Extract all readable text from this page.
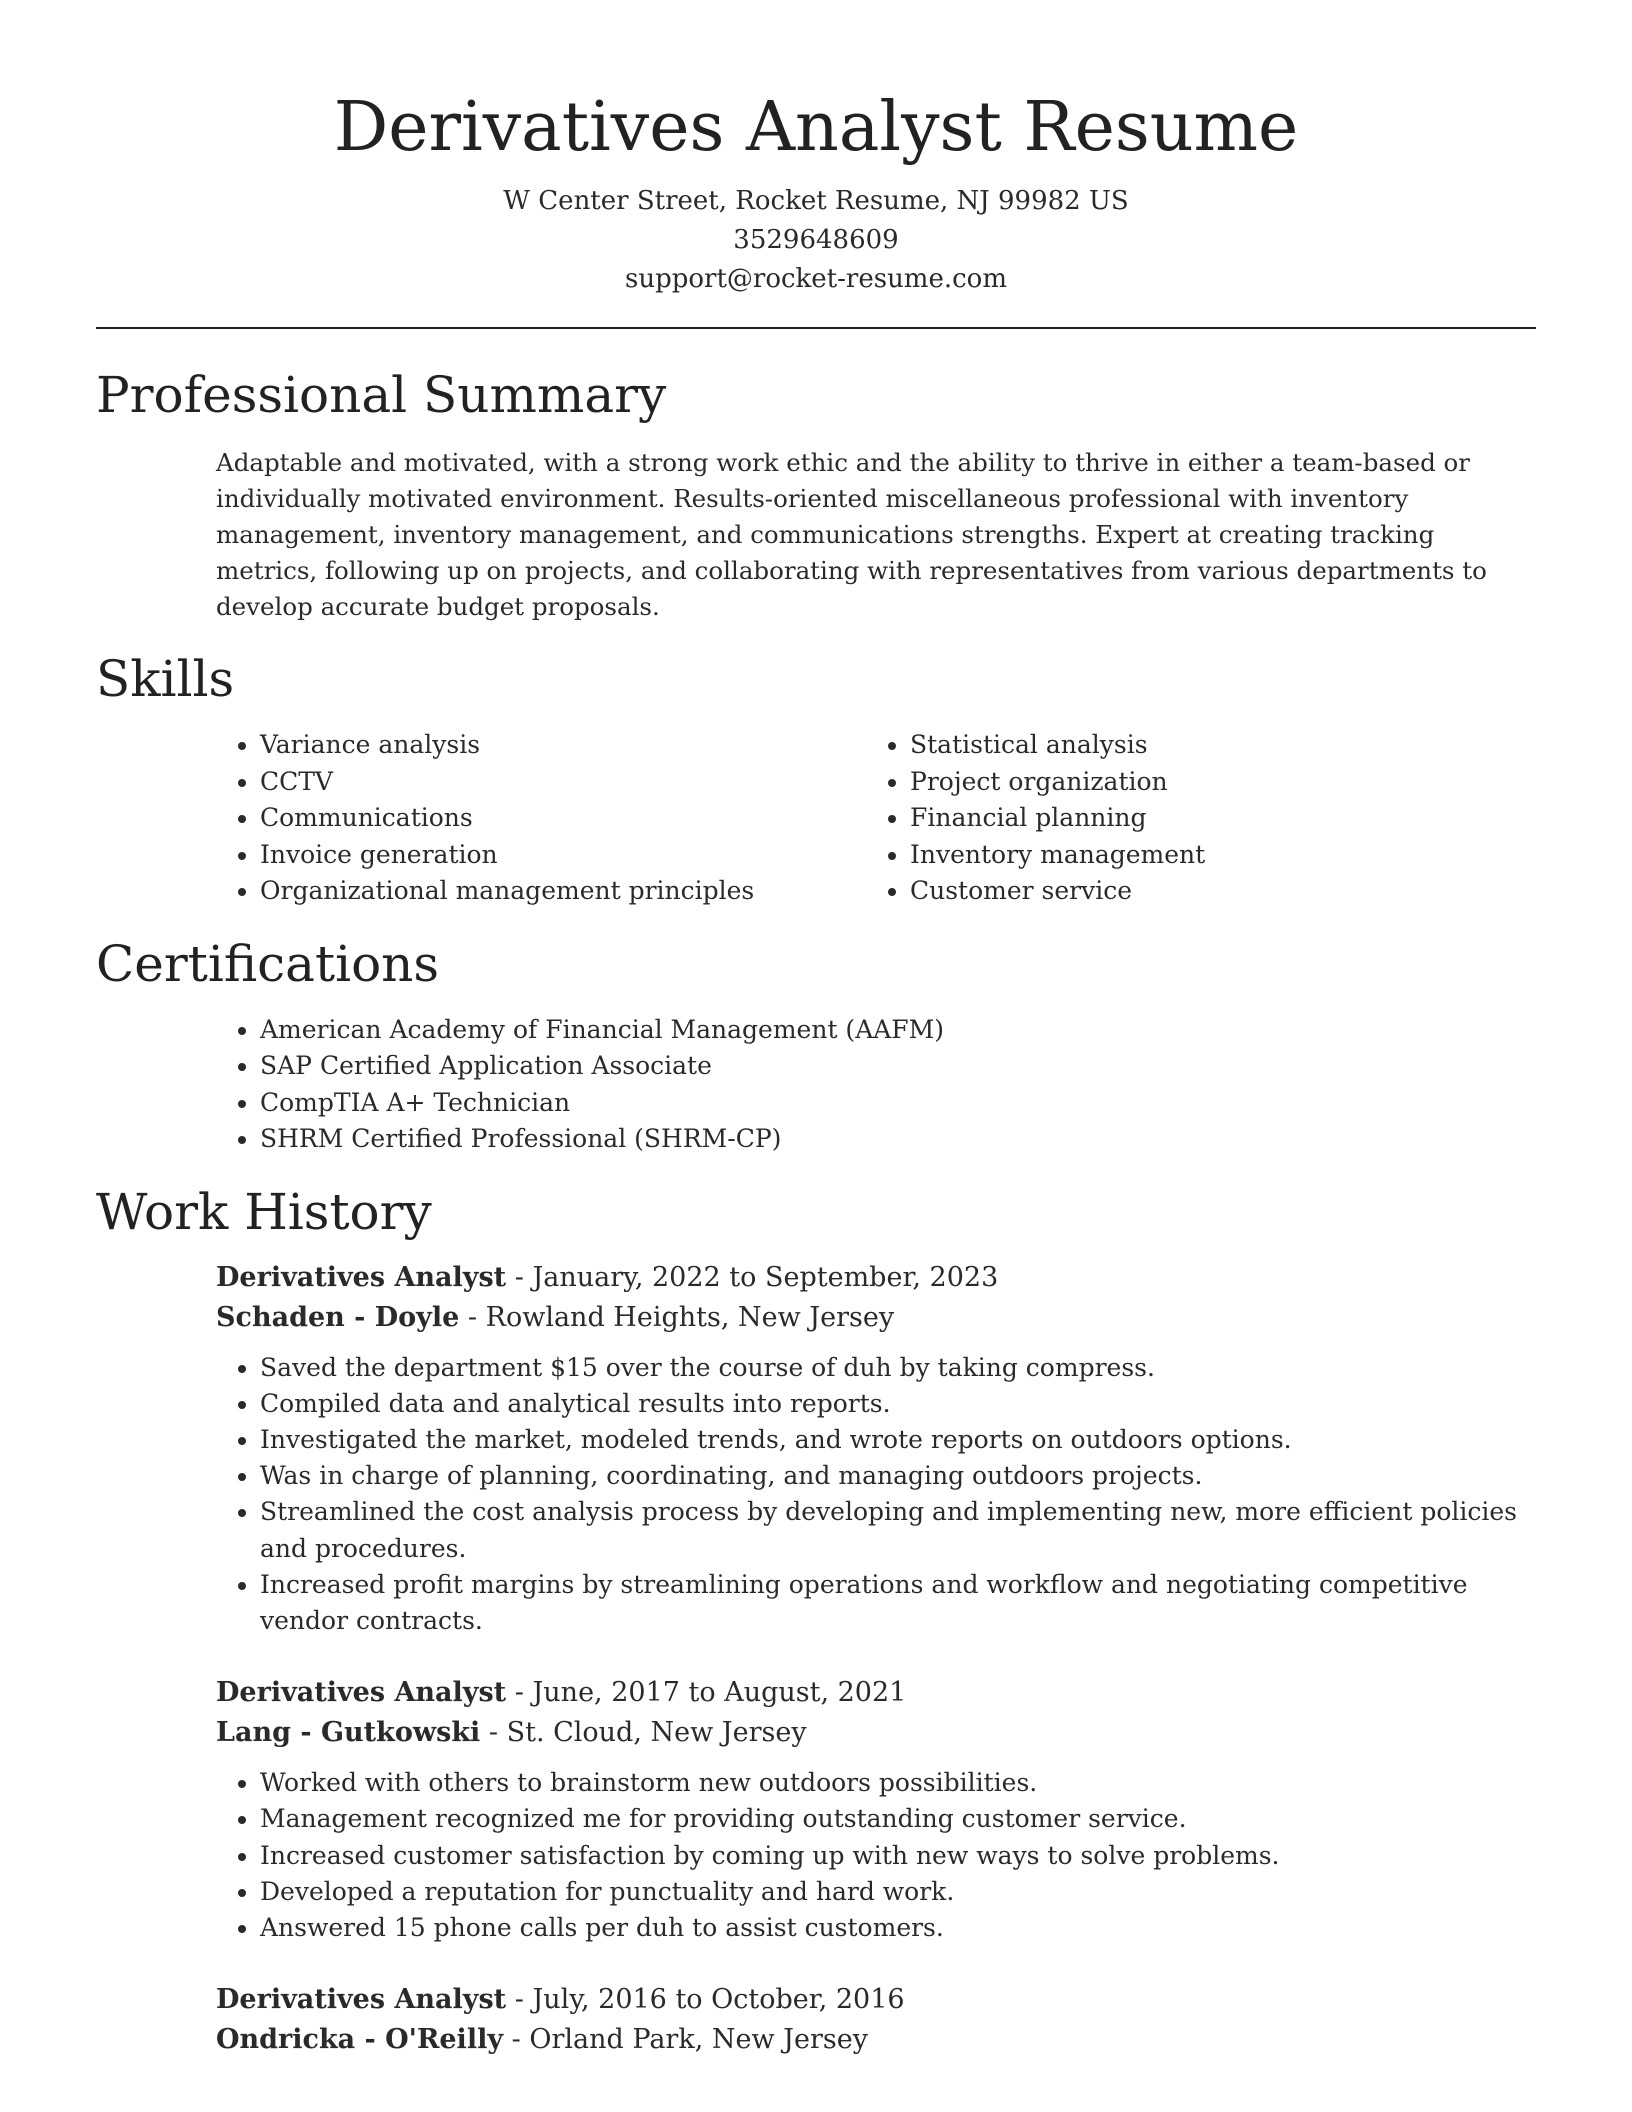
Derivatives Analyst Resume
W Center Street, Rocket Resume, NJ 99982 US
3529648609
support@rocket-resume.com
Professional Summary

Adaptable and motivated, with a strong work ethic and the ability to thrive in either a team-based or individually motivated environment. Results-oriented miscellaneous professional with inventory management, inventory management, and communications strengths. Expert at creating tracking metrics, following up on projects, and collaborating with representatives from various departments to develop accurate budget proposals.

Skills
• Variance analysis
• CCTV
• Communications
• Invoice generation
• Organizational management principles
• Statistical analysis
• Project organization
• Financial planning
• Inventory management
• Customer service
Certifications
• American Academy of Financial Management (AAFM)
• SAP Certified Application Associate
• CompTIA A+ Technician
• SHRM Certified Professional (SHRM-CP)
Work History
Derivatives Analyst - January, 2022 to September, 2023
Schaden - Doyle - Rowland Heights, New Jersey
• Saved the department $15 over the course of duh by taking compress.
• Compiled data and analytical results into reports.
• Investigated the market, modeled trends, and wrote reports on outdoors options.
• Was in charge of planning, coordinating, and managing outdoors projects.
• Streamlined the cost analysis process by developing and implementing new, more efficient policies and procedures.
• Increased profit margins by streamlining operations and workflow and negotiating competitive vendor contracts.
Derivatives Analyst - June, 2017 to August, 2021
Lang - Gutkowski - St. Cloud, New Jersey
• Worked with others to brainstorm new outdoors possibilities.
• Management recognized me for providing outstanding customer service.
• Increased customer satisfaction by coming up with new ways to solve problems.
• Developed a reputation for punctuality and hard work.
• Answered 15 phone calls per duh to assist customers.
Derivatives Analyst - July, 2016 to October, 2016
Ondricka - O'Reilly - Orland Park, New Jersey
